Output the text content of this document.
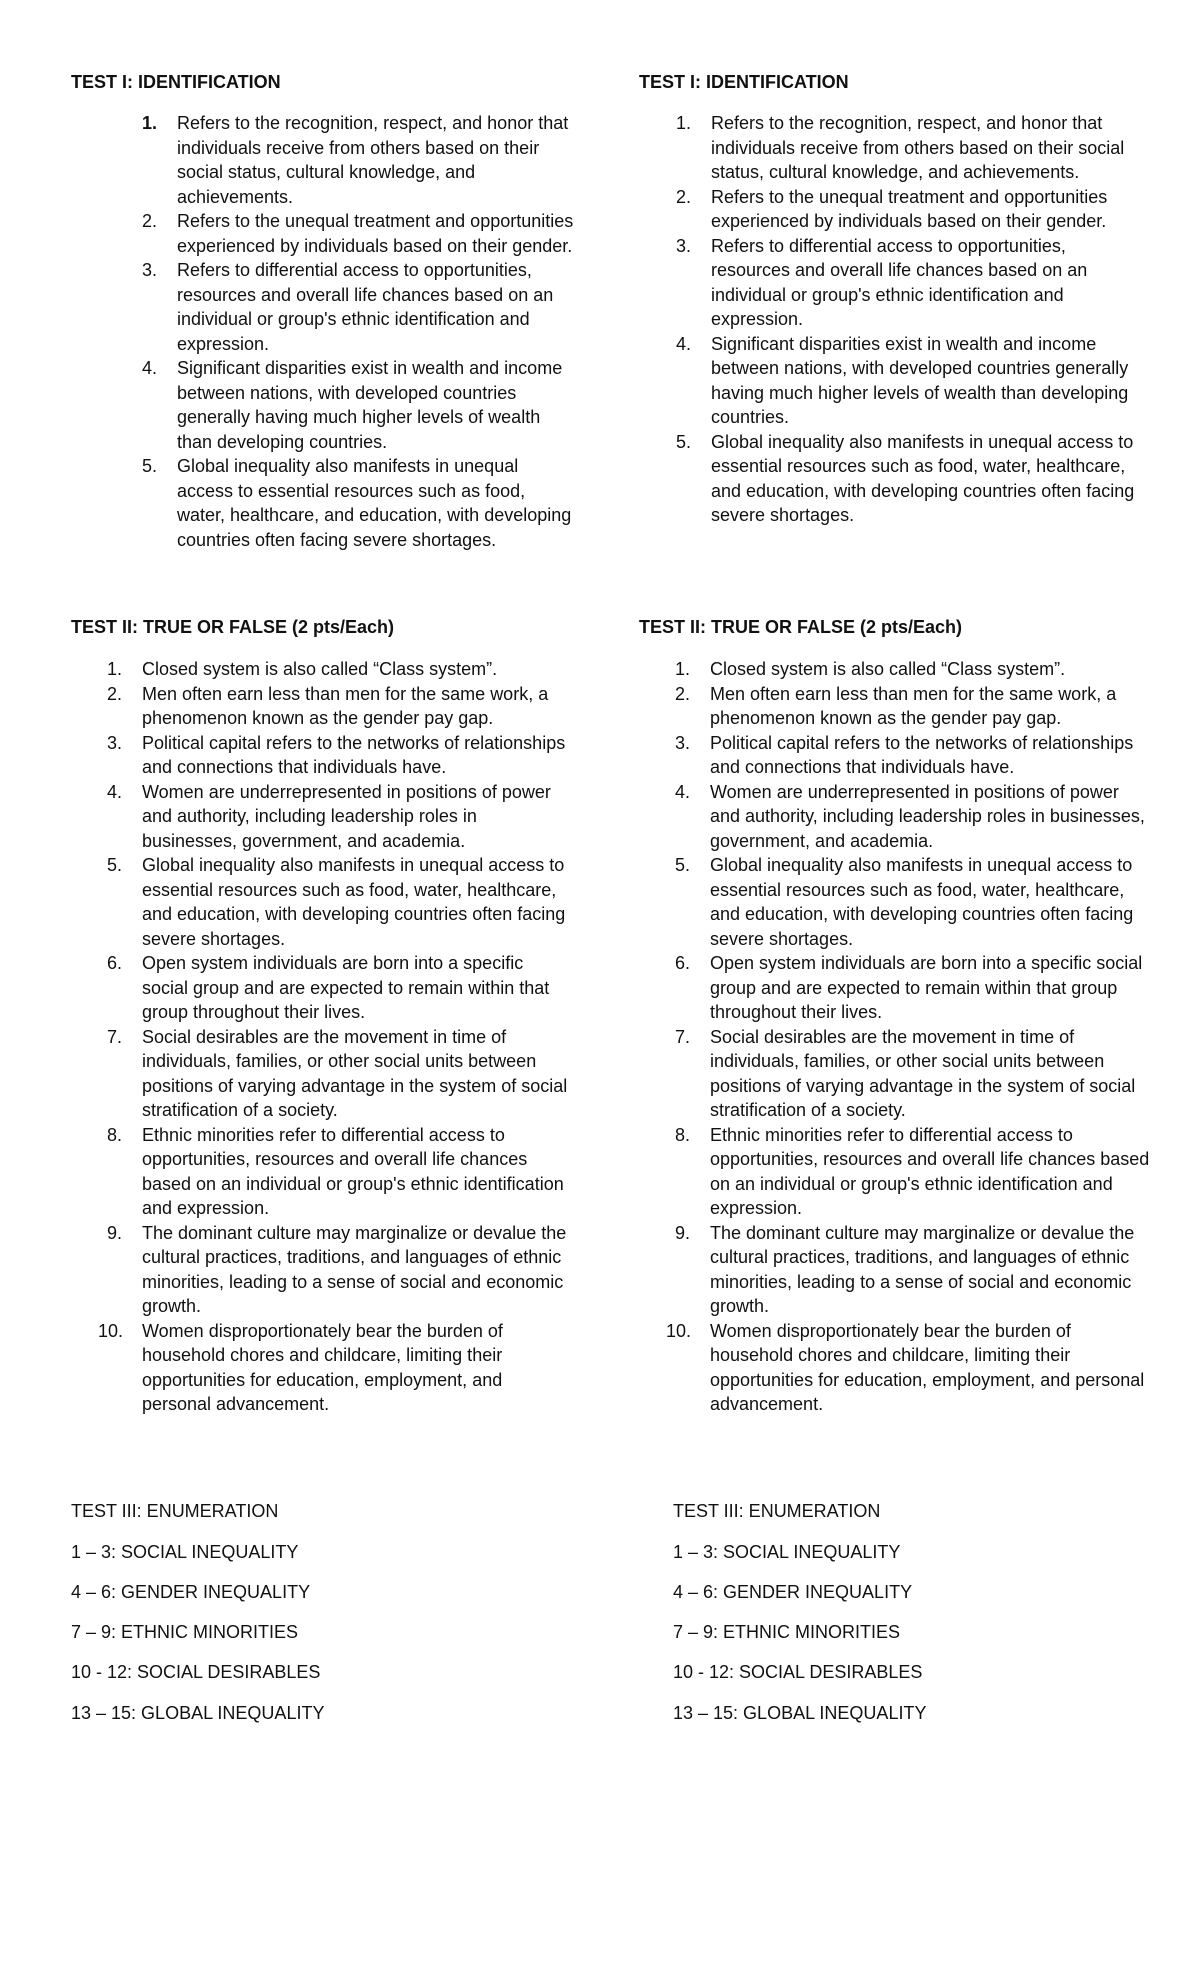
TEST I: IDENTIFICATION
1. Refers to the recognition, respect, and honor that individuals receive from others based on their social status, cultural knowledge, and achievements.
2. Refers to the unequal treatment and opportunities experienced by individuals based on their gender.
3. Refers to differential access to opportunities, resources and overall life chances based on an individual or group's ethnic identification and expression.
4. Significant disparities exist in wealth and income between nations, with developed countries generally having much higher levels of wealth than developing countries.
5. Global inequality also manifests in unequal access to essential resources such as food, water, healthcare, and education, with developing countries often facing severe shortages.
TEST II: TRUE OR FALSE (2 pts/Each)
1. Closed system is also called “Class system”.
2. Men often earn less than men for the same work, a phenomenon known as the gender pay gap.
3. Political capital refers to the networks of relationships and connections that individuals have.
4. Women are underrepresented in positions of power and authority, including leadership roles in businesses, government, and academia.
5. Global inequality also manifests in unequal access to essential resources such as food, water, healthcare, and education, with developing countries often facing severe shortages.
6. Open system individuals are born into a specific social group and are expected to remain within that group throughout their lives.
7. Social desirables are the movement in time of individuals, families, or other social units between positions of varying advantage in the system of social stratification of a society.
8. Ethnic minorities refer to differential access to opportunities, resources and overall life chances based on an individual or group's ethnic identification and expression.
9. The dominant culture may marginalize or devalue the cultural practices, traditions, and languages of ethnic minorities, leading to a sense of social and economic growth.
10. Women disproportionately bear the burden of household chores and childcare, limiting their opportunities for education, employment, and personal advancement.

TEST III: ENUMERATION

1 – 3: SOCIAL INEQUALITY

4 – 6: GENDER INEQUALITY

7 – 9: ETHNIC MINORITIES

10 - 12: SOCIAL DESIRABLES

13 – 15: GLOBAL INEQUALITY

TEST I: IDENTIFICATION
1. Refers to the recognition, respect, and honor that individuals receive from others based on their social status, cultural knowledge, and achievements.
2. Refers to the unequal treatment and opportunities experienced by individuals based on their gender.
3. Refers to differential access to opportunities, resources and overall life chances based on an individual or group's ethnic identification and expression.
4. Significant disparities exist in wealth and income between nations, with developed countries generally having much higher levels of wealth than developing countries.
5. Global inequality also manifests in unequal access to essential resources such as food, water, healthcare, and education, with developing countries often facing severe shortages.
TEST II: TRUE OR FALSE (2 pts/Each)
1. Closed system is also called “Class system”.
2. Men often earn less than men for the same work, a phenomenon known as the gender pay gap.
3. Political capital refers to the networks of relationships and connections that individuals have.
4. Women are underrepresented in positions of power and authority, including leadership roles in businesses, government, and academia.
5. Global inequality also manifests in unequal access to essential resources such as food, water, healthcare, and education, with developing countries often facing severe shortages.
6. Open system individuals are born into a specific social group and are expected to remain within that group throughout their lives.
7. Social desirables are the movement in time of individuals, families, or other social units between positions of varying advantage in the system of social stratification of a society.
8. Ethnic minorities refer to differential access to opportunities, resources and overall life chances based on an individual or group's ethnic identification and expression.
9. The dominant culture may marginalize or devalue the cultural practices, traditions, and languages of ethnic minorities, leading to a sense of social and economic growth.
10. Women disproportionately bear the burden of household chores and childcare, limiting their opportunities for education, employment, and personal advancement.

TEST III: ENUMERATION

1 – 3: SOCIAL INEQUALITY

4 – 6: GENDER INEQUALITY

7 – 9: ETHNIC MINORITIES

10 - 12: SOCIAL DESIRABLES

13 – 15: GLOBAL INEQUALITY
